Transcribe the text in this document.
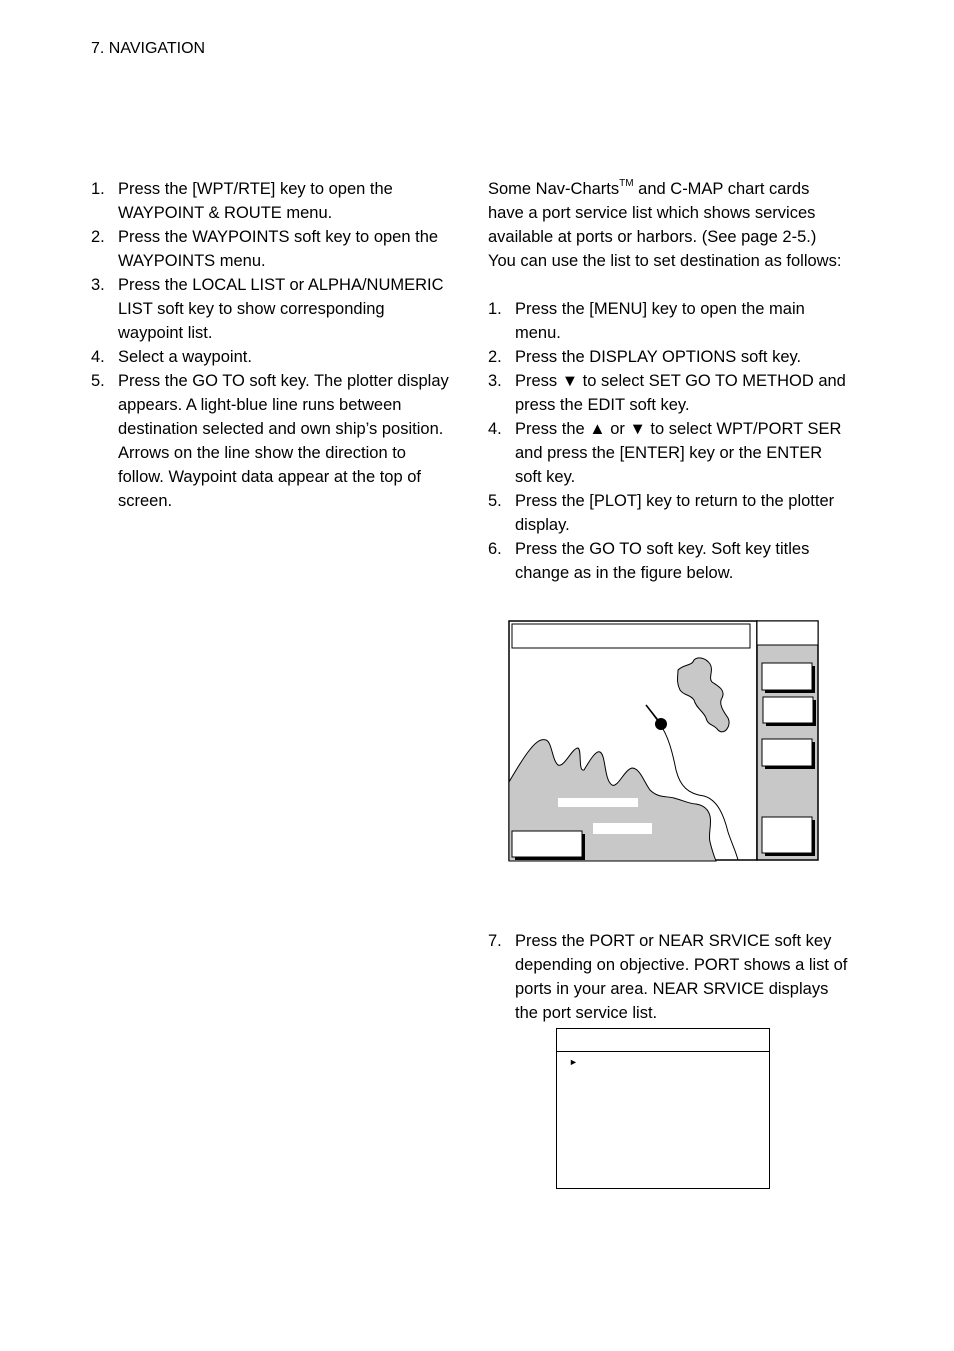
7. NAVIGATION
1. Press the [WPT/RTE] key to open the WAYPOINT & ROUTE menu.
2. Press the WAYPOINTS soft key to open the WAYPOINTS menu.
3. Press the LOCAL LIST or ALPHA/NUMERIC LIST soft key to show corresponding waypoint list.
4. Select a waypoint.
5. Press the GO TO soft key. The plotter display appears. A light-blue line runs between destination selected and own ship’s position. Arrows on the line show the direction to follow. Waypoint data appear at the top of screen.

Some Nav-Charts™ and C-MAP chart cards have a port service list which shows services available at ports or harbors. (See page 2-5.) You can use the list to set destination as follows:

1. Press the [MENU] key to open the main menu.
2. Press the DISPLAY OPTIONS soft key.
3. Press ▼ to select SET GO TO METHOD and press the EDIT soft key.
4. Press the ▲ or ▼ to select WPT/PORT SER and press the [ENTER] key or the ENTER soft key.
5. Press the [PLOT] key to return to the plotter display.
6. Press the GO TO soft key. Soft key titles change as in the figure below.
7. Press the PORT or NEAR SRVICE soft key depending on objective. PORT shows a list of ports in your area. NEAR SRVICE displays the port service list.
►
